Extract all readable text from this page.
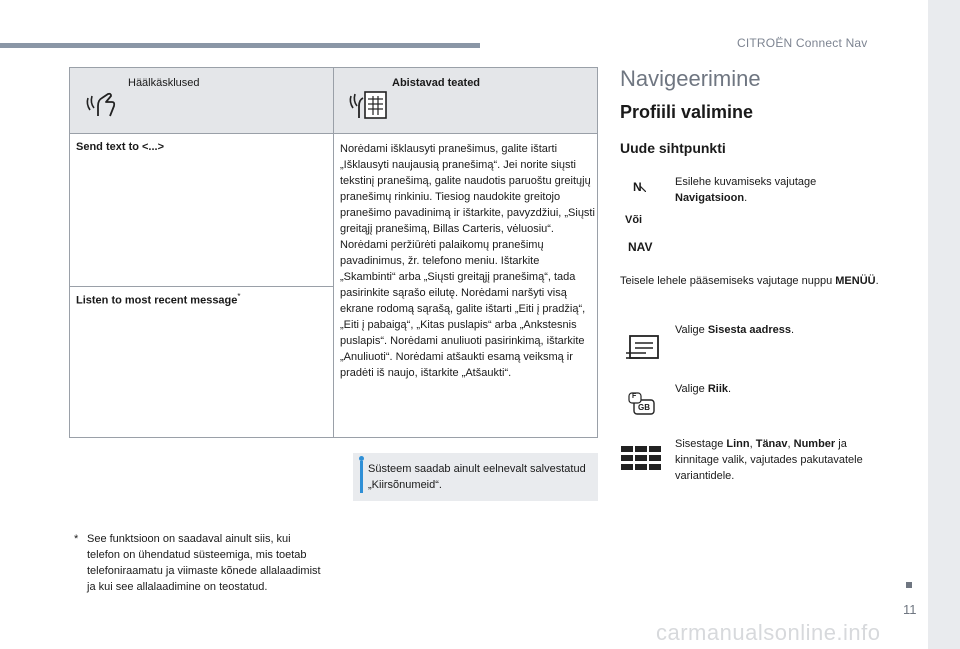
CITROËN Connect Nav
Häälkäsklused	Abistavad teated
Send text to <...>
Listen to most recent message*
Norėdami išklausyti pranešimus, galite ištarti „Išklausyti naujausią pranešimą“. Jei norite siųsti tekstinį pranešimą, galite naudotis paruoštu greitųjų pranešimų rinkiniu. Tiesiog naudokite greitojo pranešimo pavadinimą ir ištarkite, pavyzdžiui, „Siųsti greitąjį pranešimą, Billas Carteris, vėluosiu“. Norėdami peržiūrėti palaikomų pranešimų pavadinimus, žr. telefono meniu. Ištarkite „Skambinti“ arba „Siųsti greitąjį pranešimą“, tada pasirinkite sąrašo eilutę. Norėdami naršyti visą ekrane rodomą sąrašą, galite ištarti „Eiti į pradžią“, „Eiti į pabaigą“, „Kitas puslapis“ arba „Ankstesnis puslapis“. Norėdami anuliuoti pasirinkimą, ištarkite „Anuliuoti“. Norėdami atšaukti esamą veiksmą ir pradėti iš naujo, ištarkite „Atšaukti“.
Süsteem saadab ainult eelnevalt salvestatud „Kiirsõnumeid“.
* See funktsioon on saadaval ainult siis, kui telefon on ühendatud süsteemiga, mis toetab telefoniraamatu ja viimaste kõnede allalaadimist ja kui see allalaadimine on teostatud.
Navigeerimine
Profiili valimine
Uude sihtpunkti
N
Või
NAV
Esilehe kuvamiseks vajutage Navigatsioon.
Teisele lehele pääsemiseks vajutage nuppu MENÜÜ.
Valige Sisesta aadress.
F
GB
Valige Riik.
Sisestage Linn, Tänav, Number ja kinnitage valik, vajutades pakutavatele variantidele.
11
carmanualsonline.info
